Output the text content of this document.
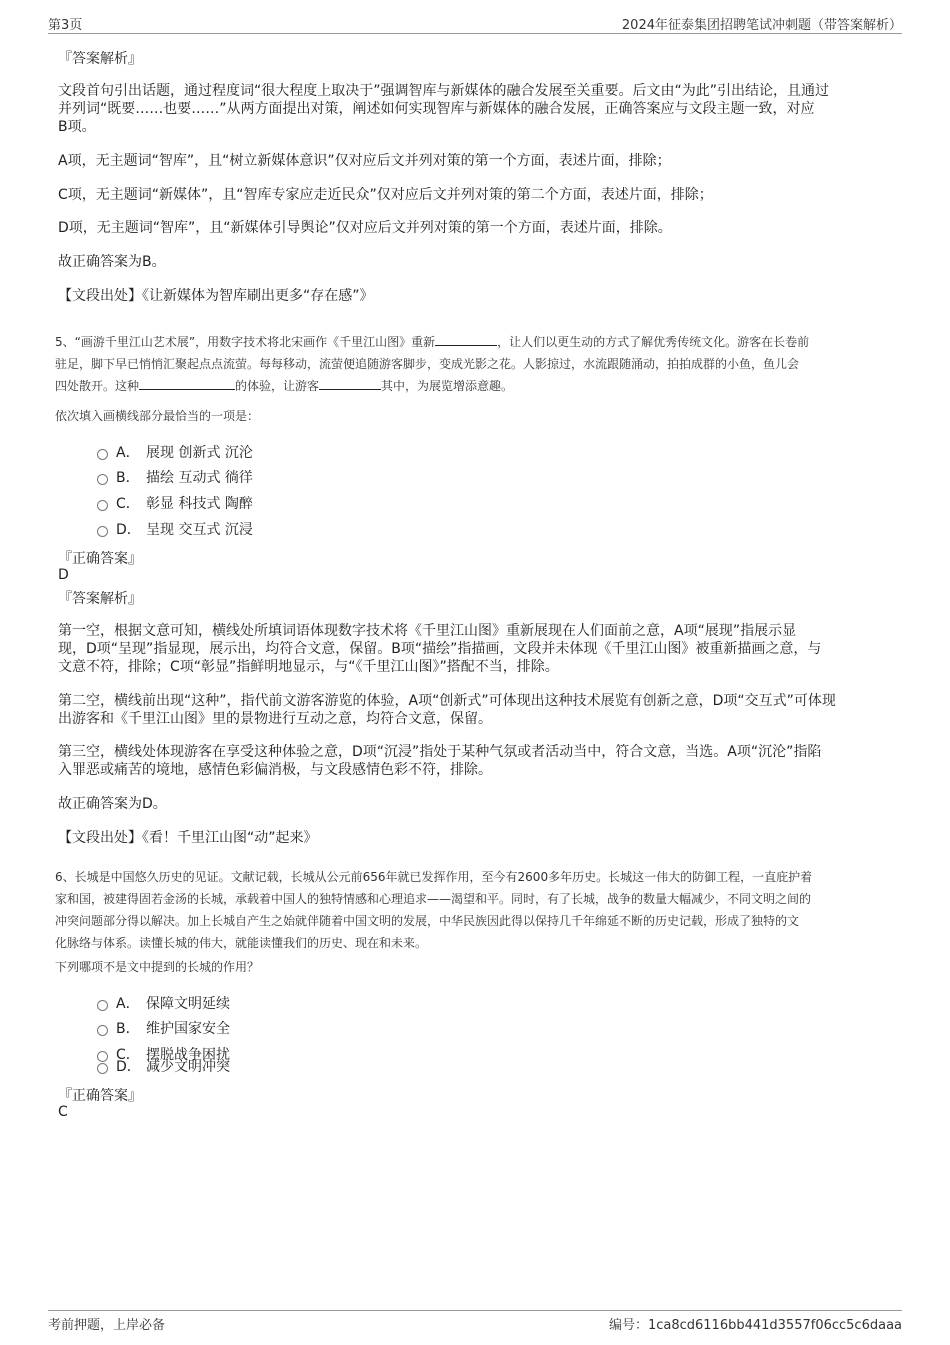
第3页	2024年征泰集团招聘笔试冲刺题（带答案解析）
『答案解析』
文段首句引出话题，通过程度词“很大程度上取决于”强调智库与新媒体的融合发展至关重要。后文由“为此”引出结论，且通过
并列词“既要……也要……”从两方面提出对策，阐述如何实现智库与新媒体的融合发展，正确答案应与文段主题一致，对应
B项。
A项，无主题词“智库”，且“树立新媒体意识”仅对应后文并列对策的第一个方面，表述片面，排除；
C项，无主题词“新媒体”，且“智库专家应走近民众”仅对应后文并列对策的第二个方面，表述片面，排除；
D项，无主题词“智库”，且“新媒体引导舆论”仅对应后文并列对策的第一个方面，表述片面，排除。
故正确答案为B。
【文段出处】《让新媒体为智库刷出更多“存在感”》
5、“画游千里江山艺术展”，用数字技术将北宋画作《千里江山图》重新	，让人们以更生动的方式了解优秀传统文化。游客在长卷前
驻足，脚下早已悄悄汇聚起点点流萤。每每移动，流萤便追随游客脚步，变成光影之花。人影掠过，水流跟随涌动，拍拍成群的小鱼，鱼儿会
四处散开。这种	的体验，让游客	其中，为展览增添意趣。
依次填入画横线部分最恰当的一项是：
A． 展现 创新式 沉沦
B． 描绘 互动式 徜徉
C． 彰显 科技式 陶醉
D． 呈现 交互式 沉浸
『正确答案』
D
『答案解析』
第一空，根据文意可知，横线处所填词语体现数字技术将《千里江山图》重新展现在人们面前之意，A项“展现”指展示显
现，D项“呈现”指显现，展示出，均符合文意，保留。B项“描绘”指描画，文段并未体现《千里江山图》被重新描画之意，与
文意不符，排除；C项“彰显”指鲜明地显示，与“《千里江山图》”搭配不当，排除。
第二空，横线前出现“这种”，指代前文游客游览的体验，A项“创新式”可体现出这种技术展览有创新之意，D项“交互式”可体现
出游客和《千里江山图》里的景物进行互动之意，均符合文意，保留。
第三空，横线处体现游客在享受这种体验之意，D项“沉浸”指处于某种气氛或者活动当中，符合文意，当选。A项“沉沦”指陷
入罪恶或痛苦的境地，感情色彩偏消极，与文段感情色彩不符，排除。
故正确答案为D。
【文段出处】《看！千里江山图“动”起来》
6、长城是中国悠久历史的见证。文献记载，长城从公元前656年就已发挥作用，至今有2600多年历史。长城这一伟大的防御工程，一直庇护着
家和国，被建得固若金汤的长城，承载着中国人的独特情感和心理追求——渴望和平。同时，有了长城，战争的数量大幅减少，不同文明之间的
冲突问题部分得以解决。加上长城自产生之始就伴随着中国文明的发展，中华民族因此得以保持几千年绵延不断的历史记载，形成了独特的文
化脉络与体系。读懂长城的伟大，就能读懂我们的历史、现在和未来。
下列哪项不是文中提到的长城的作用？
A． 保障文明延续
B． 维护国家安全
C． 摆脱战争困扰
D． 减少文明冲突
『正确答案』
C
考前押题，上岸必备	编号：1ca8cd6116bb441d3557f06cc5c6daaa
